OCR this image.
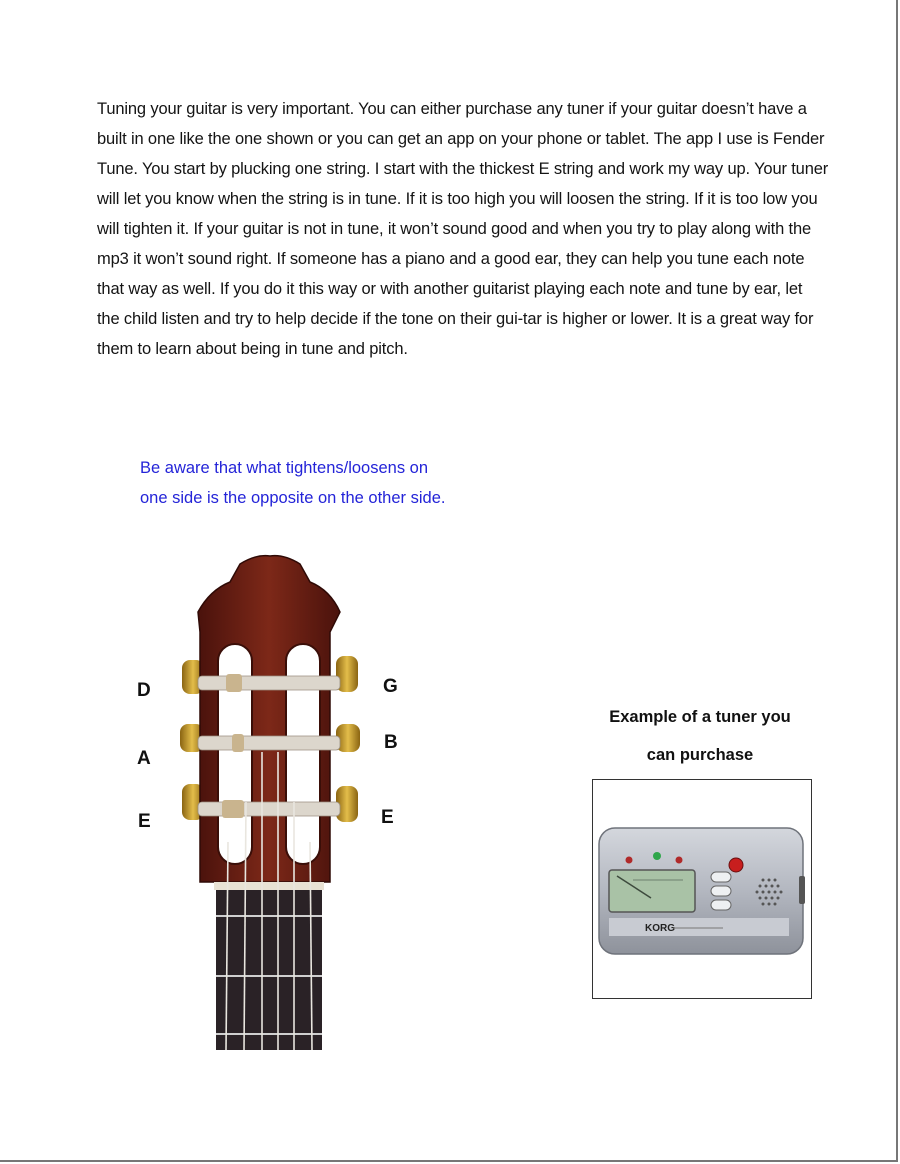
Tuning your guitar is very important. You can either purchase any tuner if your guitar doesn’t have a built in one like the one shown or you can get an app on your phone or tablet. The app I use is Fender Tune. You start by plucking one string. I start with the thickest E string and work my way up. Your tuner will let you know when the string is in tune. If it is too high you will loosen the string. If it is too low you will tighten it. If your guitar is not in tune, it won’t sound good and when you try to play along with the mp3 it won’t sound right. If someone has a piano and a good ear, they can help you tune each note that way as well. If you do it this way or with another guitarist playing each note and tune by ear, let the child listen and try to help decide if the tone on their gui-tar is higher or lower. It is a great way for them to learn about being in tune and pitch.

Be aware that what tightens/loosens on one side is the opposite on the other side.

D
A
E
G
B
E
Example of a tuner you
can purchase
KORG
